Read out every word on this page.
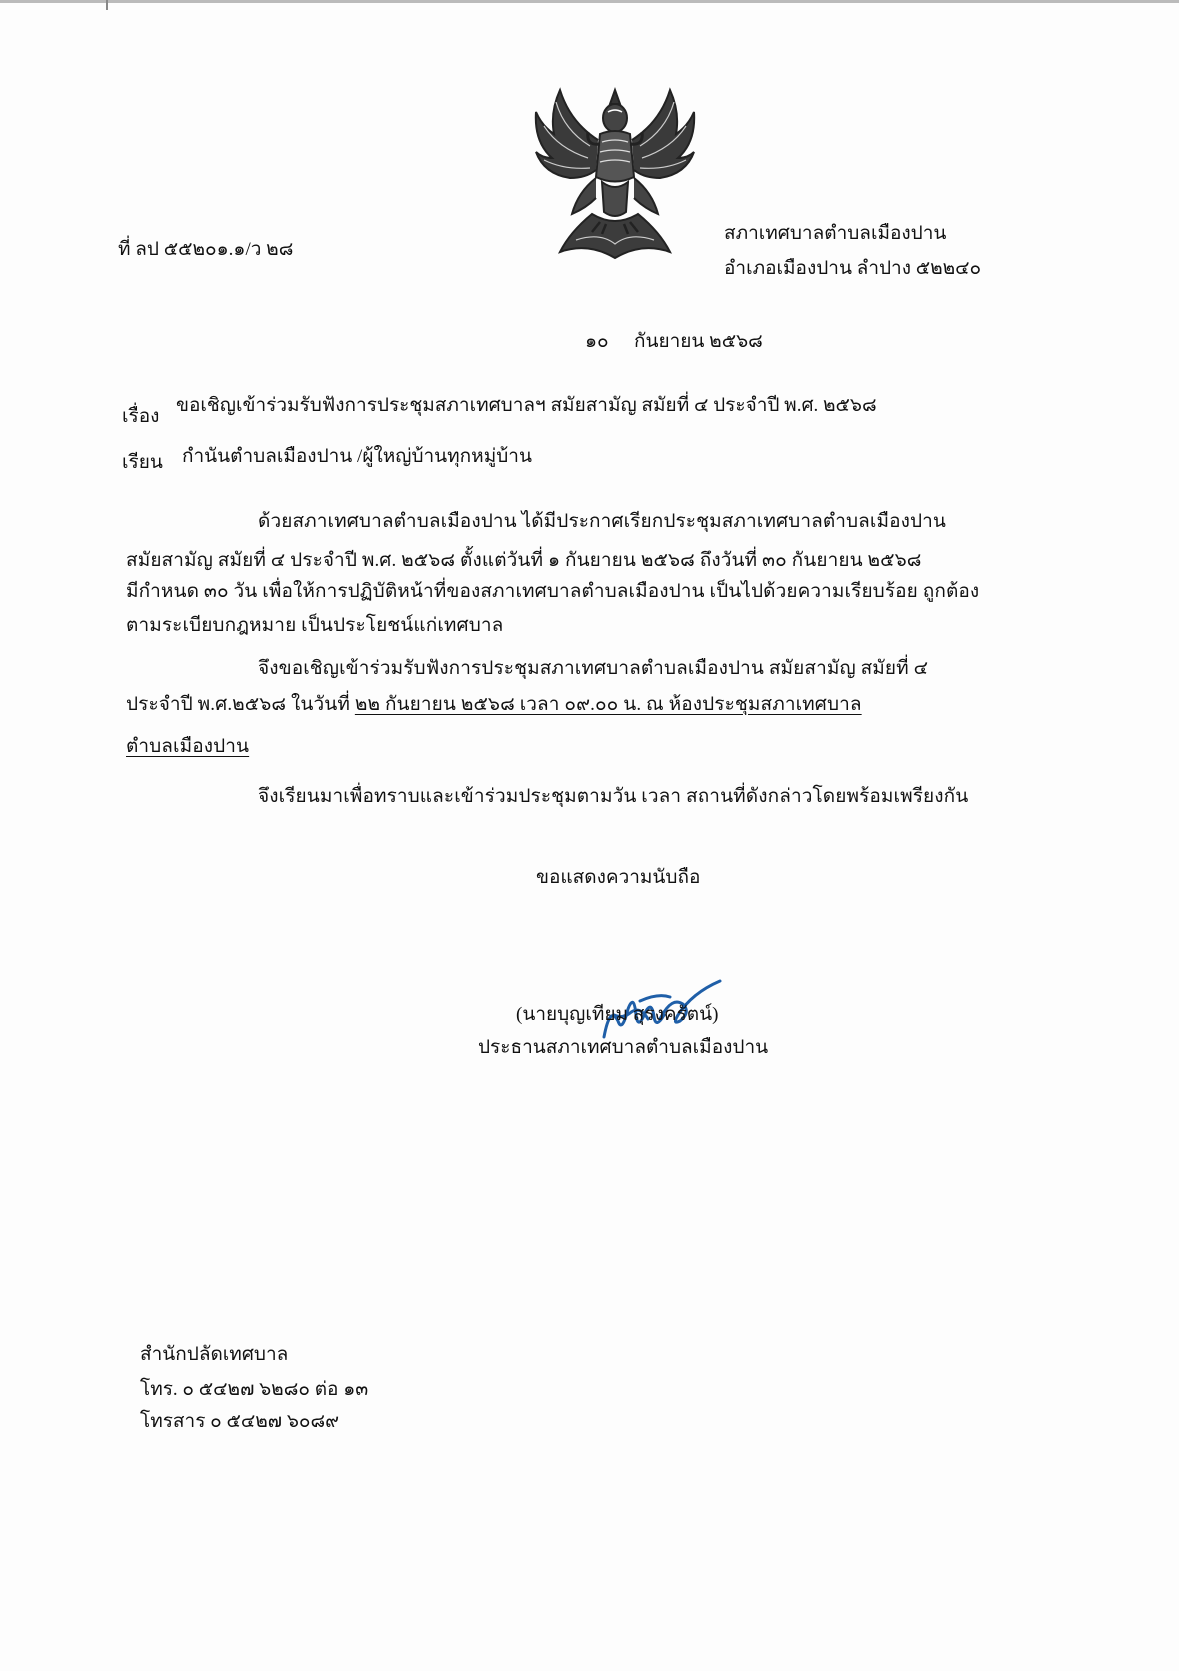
ที่ ลป ๕๕๒๐๑.๑/ว ๒๘
สภาเทศบาลตำบลเมืองปาน
อำเภอเมืองปาน ลำปาง ๕๒๒๔๐
๑๐ กันยายน ๒๕๖๘
เรื่อง
ขอเชิญเข้าร่วมรับฟังการประชุมสภาเทศบาลฯ สมัยสามัญ สมัยที่ ๔ ประจำปี พ.ศ. ๒๕๖๘
เรียน กำนันตำบลเมืองปาน /ผู้ใหญ่บ้านทุกหมู่บ้าน
ด้วยสภาเทศบาลตำบลเมืองปาน ได้มีประกาศเรียกประชุมสภาเทศบาลตำบลเมืองปาน
สมัยสามัญ สมัยที่ ๔ ประจำปี พ.ศ. ๒๕๖๘ ตั้งแต่วันที่ ๑ กันยายน ๒๕๖๘ ถึงวันที่ ๓๐ กันยายน ๒๕๖๘
มีกำหนด ๓๐ วัน เพื่อให้การปฏิบัติหน้าที่ของสภาเทศบาลตำบลเมืองปาน เป็นไปด้วยความเรียบร้อย ถูกต้อง
ตามระเบียบกฎหมาย เป็นประโยชน์แก่เทศบาล
จึงขอเชิญเข้าร่วมรับฟังการประชุมสภาเทศบาลตำบลเมืองปาน สมัยสามัญ สมัยที่ ๔
ประจำปี พ.ศ.๒๕๖๘ ในวันที่ ๒๒ กันยายน ๒๕๖๘ เวลา ๐๙.๐๐ น. ณ ห้องประชุมสภาเทศบาล
ตำบลเมืองปาน
จึงเรียนมาเพื่อทราบและเข้าร่วมประชุมตามวัน เวลา สถานที่ดังกล่าวโดยพร้อมเพรียงกัน
ขอแสดงความนับถือ
(นายบุญเทียม สุรงครัตน์)
ประธานสภาเทศบาลตำบลเมืองปาน
สำนักปลัดเทศบาล
โทร. ๐ ๕๔๒๗ ๖๒๘๐ ต่อ ๑๓
โทรสาร ๐ ๕๔๒๗ ๖๐๘๙
